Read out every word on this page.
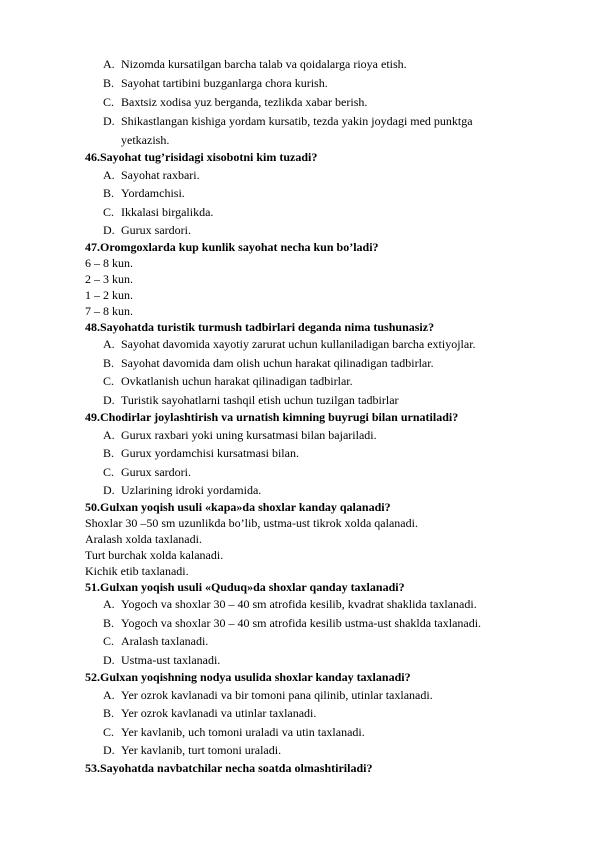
A. Nizomda kursatilgan barcha talab va qoidalarga rioya etish.
B. Sayohat tartibini buzganlarga chora kurish.
C. Baxtsiz xodisa yuz berganda, tezlikda xabar berish.
D. Shikastlangan kishiga yordam kursatib, tezda yakin joydagi med punktga
yetkazish.
46.Sayohat tug’risidagi xisobotni kim tuzadi?
A. Sayohat raxbari.
B. Yordamchisi.
C. Ikkalasi birgalikda.
D. Gurux sardori.
47.Oromgoxlarda kup kunlik sayohat necha kun bo’ladi?
6 – 8 kun.
2 – 3 kun.
1 – 2 kun.
7 – 8 kun.
48.Sayohatda turistik turmush tadbirlari deganda nima tushunasiz?
A. Sayohat davomida xayotiy zarurat uchun kullaniladigan barcha extiyojlar.
B. Sayohat davomida dam olish uchun harakat qilinadigan tadbirlar.
C. Ovkatlanish uchun harakat qilinadigan tadbirlar.
D. Turistik sayohatlarni tashqil etish uchun tuzilgan tadbirlar
49.Chodirlar joylashtirish va urnatish kimning buyrugi bilan urnatiladi?
A. Gurux raxbari yoki uning kursatmasi bilan bajariladi.
B. Gurux yordamchisi kursatmasi bilan.
C. Gurux sardori.
D. Uzlarining idroki yordamida.
50.Gulxan yoqish usuli «kapa»da shoxlar kanday qalanadi?
Shoxlar 30 –50 sm uzunlikda bo’lib, ustma-ust tikrok xolda qalanadi.
Aralash xolda taxlanadi.
Turt burchak xolda kalanadi.
Kichik etib taxlanadi.
51.Gulxan yoqish usuli «Quduq»da shoxlar qanday taxlanadi?
A. Yogoch va shoxlar 30 – 40 sm atrofida kesilib, kvadrat shaklida taxlanadi.
B. Yogoch va shoxlar 30 – 40 sm atrofida kesilib ustma-ust shaklda taxlanadi.
C. Aralash taxlanadi.
D. Ustma-ust taxlanadi.
52.Gulxan yoqishning nodya usulida shoxlar kanday taxlanadi?
A. Yer ozrok kavlanadi va bir tomoni pana qilinib, utinlar taxlanadi.
B. Yer ozrok kavlanadi va utinlar taxlanadi.
C. Yer kavlanib, uch tomoni uraladi va utin taxlanadi.
D. Yer kavlanib, turt tomoni uraladi.
53.Sayohatda navbatchilar necha soatda olmashtiriladi?
